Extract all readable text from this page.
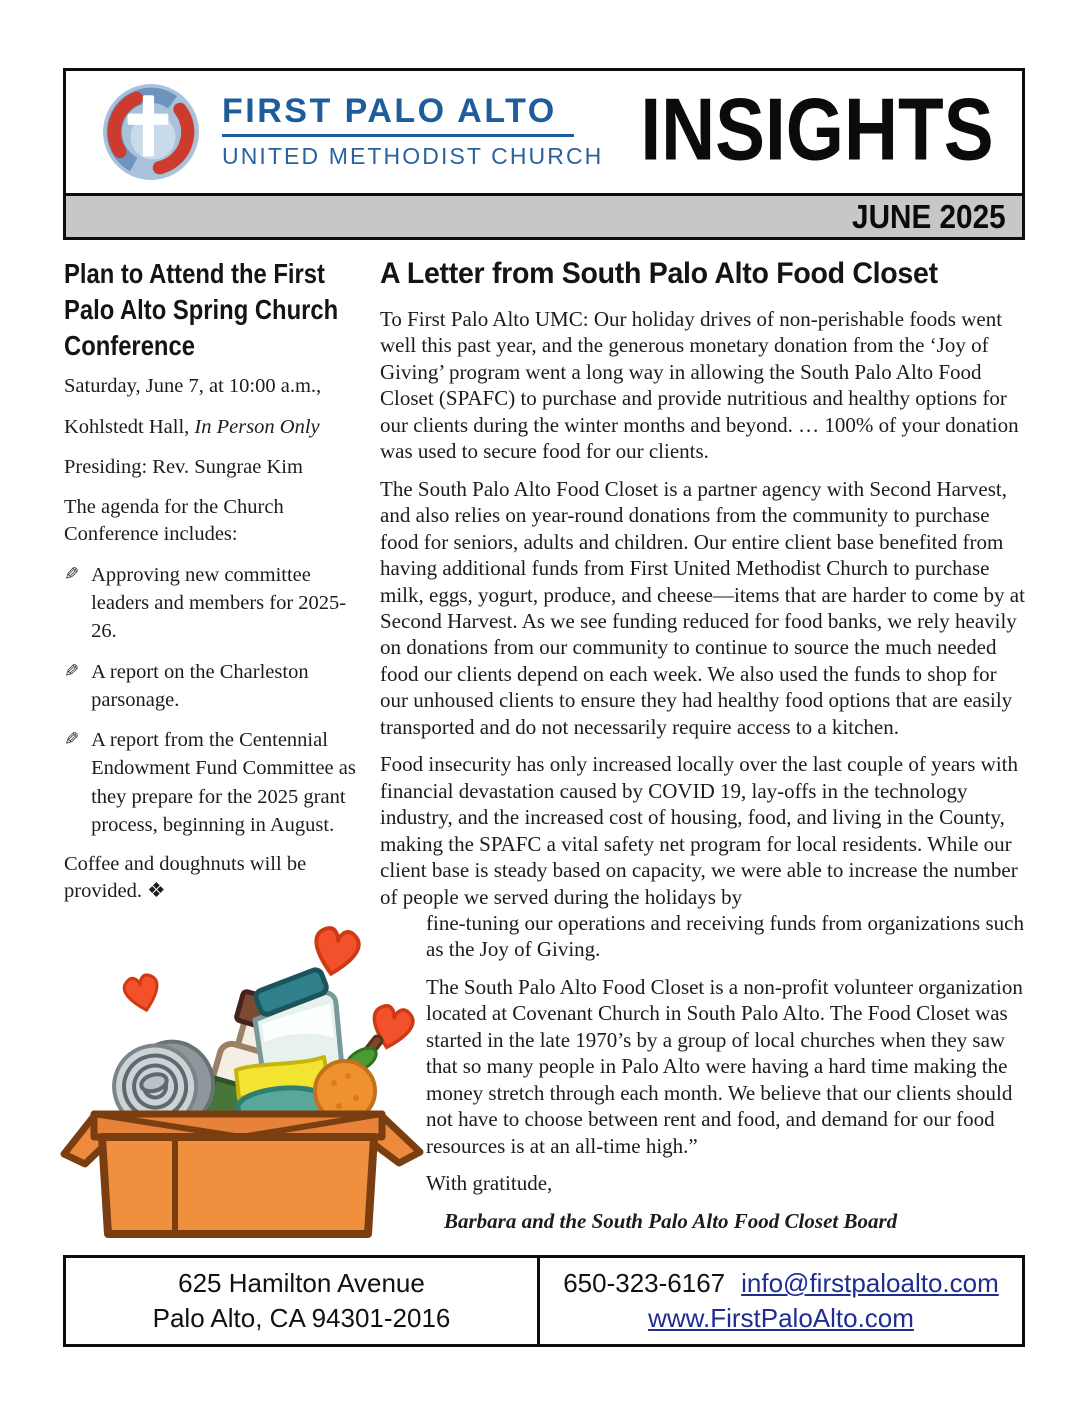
FIRST PALO ALTO
UNITED METHODIST CHURCH INSIGHTS
JUNE 2025
Plan to Attend the First Palo Alto Spring Church Conference

Saturday, June 7, at 10:00 a.m.,

Kohlstedt Hall, In Person Only

Presiding: Rev. Sungrae Kim

The agenda for the Church Conference includes:

✎ Approving new committee leaders and members for 2025-26.
✎ A report on the Charleston parsonage.
✎ A report from the Centennial Endowment Fund Committee as they prepare for the 2025 grant process, beginning in August.

Coffee and doughnuts will be provided. ❖

A Letter from South Palo Alto Food Closet

To First Palo Alto UMC: Our holiday drives of non-perishable foods went well this past year, and the generous monetary donation from the ‘Joy of Giving’ program went a long way in allowing the South Palo Alto Food Closet (SPAFC) to purchase and provide nutritious and healthy options for our clients during the winter months and beyond. … 100% of your donation was used to secure food for our clients.

The South Palo Alto Food Closet is a partner agency with Second Harvest, and also relies on year-round donations from the community to purchase food for seniors, adults and children. Our entire client base benefited from having additional funds from First United Methodist Church to purchase milk, eggs, yogurt, produce, and cheese—items that are harder to come by at Second Harvest. As we see funding reduced for food banks, we rely heavily on donations from our community to continue to source the much needed food our clients depend on each week. We also used the funds to shop for our unhoused clients to ensure they had healthy food options that are easily transported and do not necessarily require access to a kitchen.

Food insecurity has only increased locally over the last couple of years with financial devastation caused by COVID 19, lay-offs in the technology industry, and the increased cost of housing, food, and living in the County, making the SPAFC a vital safety net program for local residents. While our client base is steady based on capacity, we were able to increase the number of people we served during the holidays by
fine-tuning our operations and receiving funds from organizations such as the Joy of Giving.

The South Palo Alto Food Closet is a non-profit volunteer organization located at Covenant Church in South Palo Alto. The Food Closet was started in the late 1970’s by a group of local churches when they saw that so many people in Palo Alto were having a hard time making the money stretch through each month. We believe that our clients should not have to choose between rent and food, and demand for our food resources is at an all-time high.”

With gratitude,

Barbara and the South Palo Alto Food Closet Board

625 Hamilton Avenue
Palo Alto, CA 94301-2016
650-323-6167 info@firstpaloalto.com
www.FirstPaloAlto.com
